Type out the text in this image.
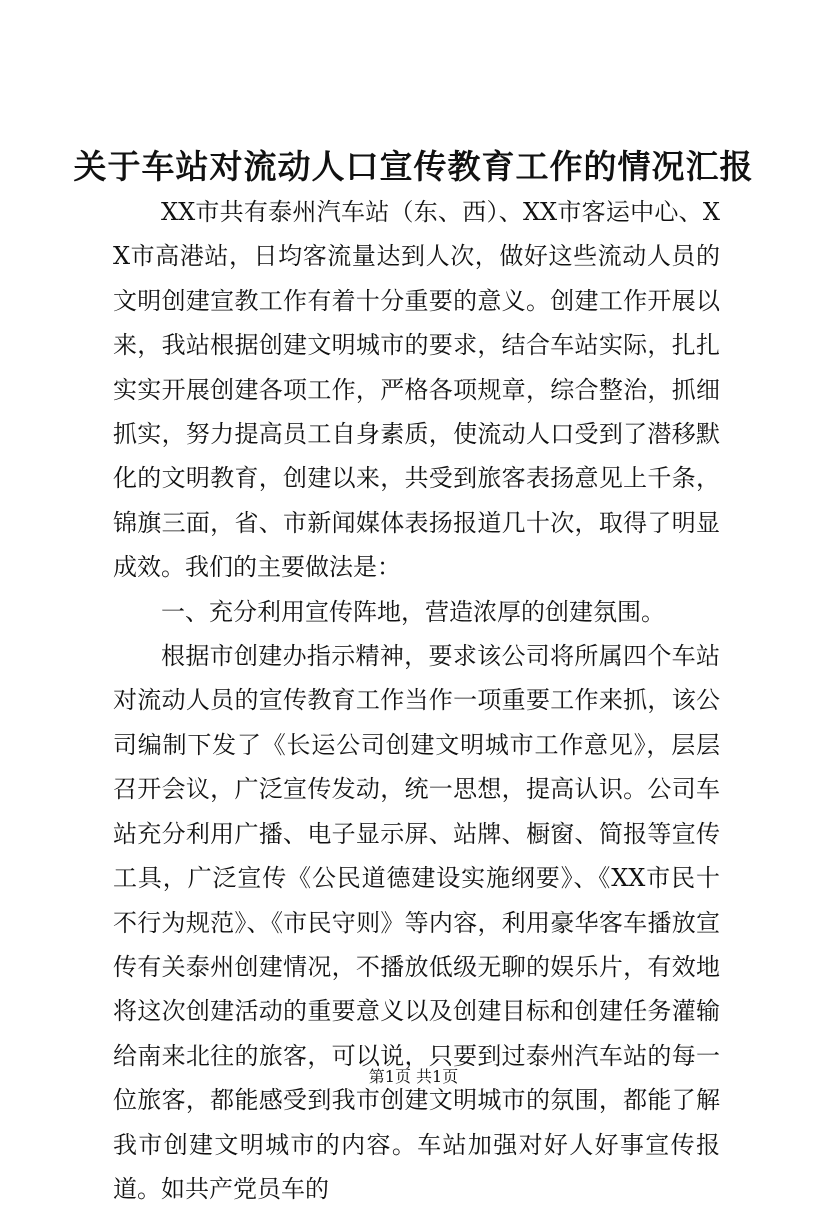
关于车站对流动人口宣传教育工作的情况汇报

XX市共有泰州汽车站（东、西）、XX市客运中心、XX市高港站，日均客流量达到人次，做好这些流动人员的文明创建宣教工作有着十分重要的意义。创建工作开展以来，我站根据创建文明城市的要求，结合车站实际，扎扎实实开展创建各项工作，严格各项规章，综合整治，抓细抓实，努力提高员工自身素质，使流动人口受到了潜移默化的文明教育，创建以来，共受到旅客表扬意见上千条，锦旗三面，省、市新闻媒体表扬报道几十次，取得了明显成效。我们的主要做法是：

一、充分利用宣传阵地，营造浓厚的创建氛围。

根据市创建办指示精神，要求该公司将所属四个车站对流动人员的宣传教育工作当作一项重要工作来抓，该公司编制下发了《长运公司创建文明城市工作意见》，层层召开会议，广泛宣传发动，统一思想，提高认识。公司车站充分利用广播、电子显示屏、站牌、橱窗、简报等宣传工具，广泛宣传《公民道德建设实施纲要》、《XX市民十不行为规范》、《市民守则》等内容，利用豪华客车播放宣传有关泰州创建情况，不播放低级无聊的娱乐片，有效地将这次创建活动的重要意义以及创建目标和创建任务灌输给南来北往的旅客，可以说，只要到过泰州汽车站的每一位旅客，都能感受到我市创建文明城市的氛围，都能了解我市创建文明城市的内容。车站加强对好人好事宣传报道。如共产党员车的

第1页 共1页
